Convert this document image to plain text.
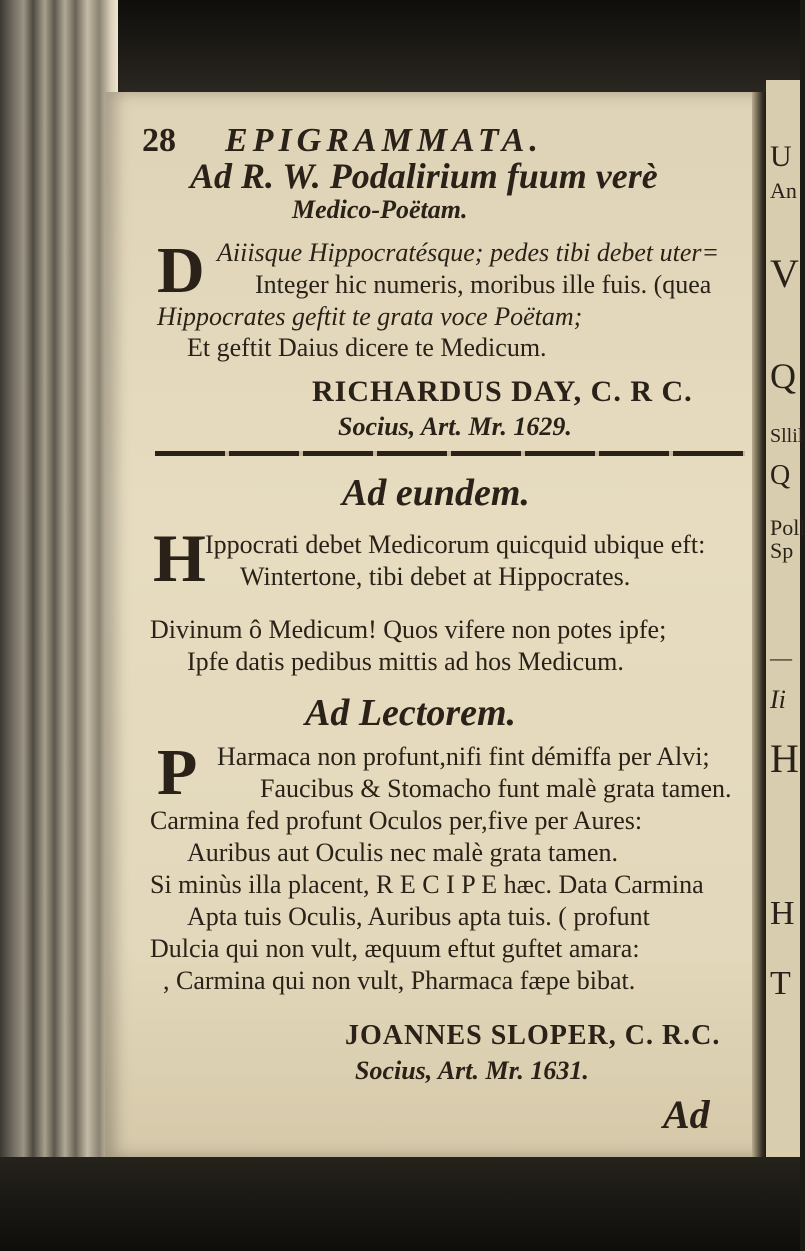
28 EPIGRAMMATA.
Ad R. W. Podalirium fuum verè
Medico-Poëtam.
D Aiiisque Hippocratésque; pedes tibi debet uter=
Integer hic numeris, moribus ille fuis. (quea
Hippocrates geftit te grata voce Poëtam;
Et geftit Daius dicere te Medicum.
RICHARDUS DAY, C. R C.
Socius, Art. Mr. 1629.
Ad eundem.
H Ippocrati debet Medicorum quicquid ubique eft:
Wintertone, tibi debet at Hippocrates.
Divinum ô Medicum! Quos vifere non potes ipfe;
Ipfe datis pedibus mittis ad hos Medicum.
Ad Lectorem.
P Harmaca non profunt,nifi fint démiffa per Alvi;
Faucibus & Stomacho funt malè grata tamen.
Carmina fed profunt Oculos per,five per Aures:
Auribus aut Oculis nec malè grata tamen.
Si minùs illa placent, R E C I P E hæc. Data Carmina
Apta tuis Oculis, Auribus apta tuis. ( profunt
Dulcia qui non vult, æquum eftut guftet amara:
, Carmina qui non vult, Pharmaca fæpe bibat.
JOANNES SLOPER, C. R.C.
Socius, Art. Mr. 1631.
Ad
U
An
V
Q
Sllil
Q
Poll
Sp
—
Ii
H
H
T
